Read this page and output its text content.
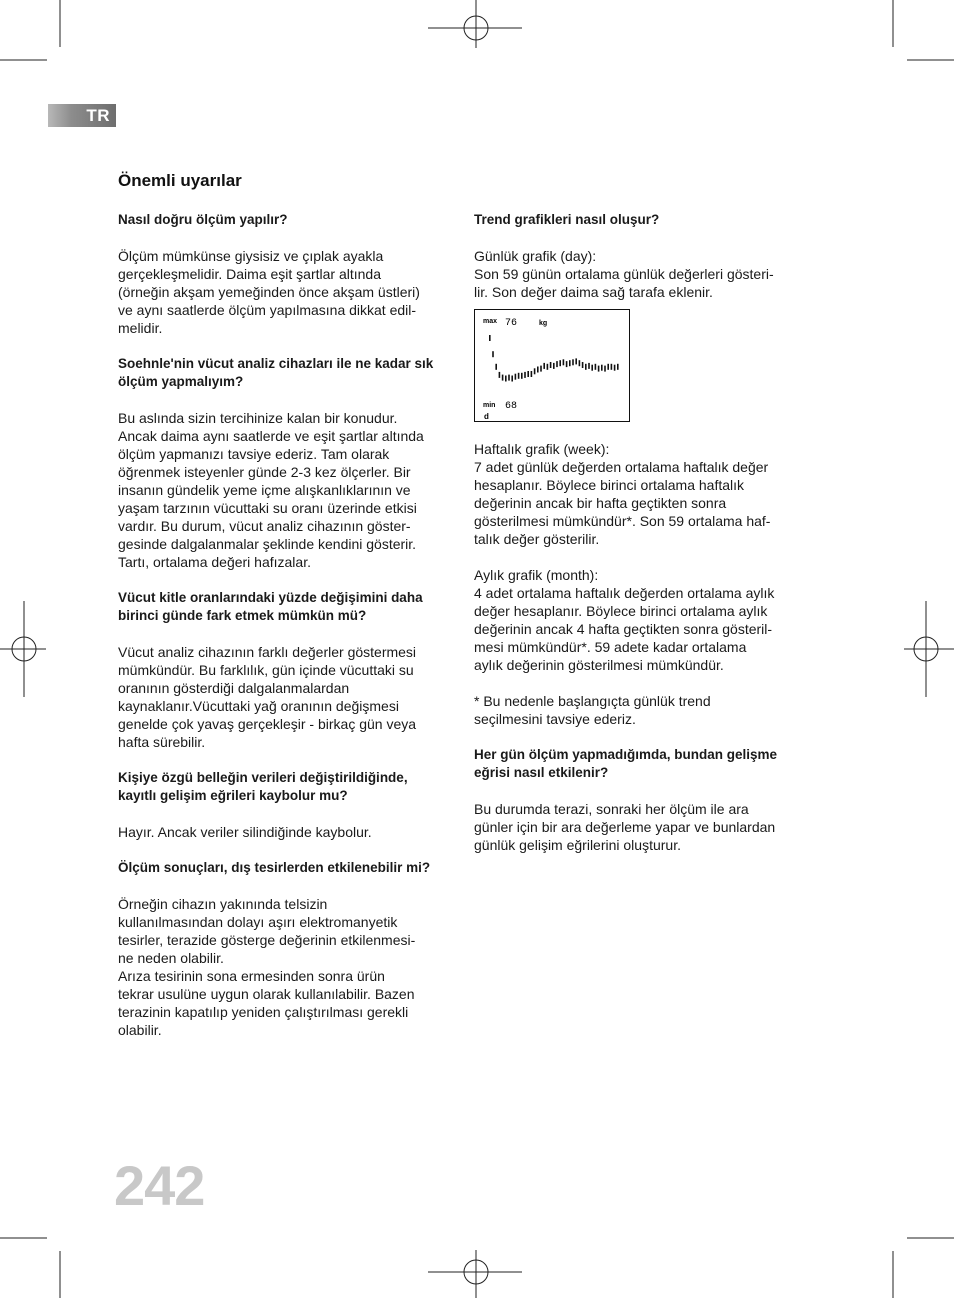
TR
Önemli uyarılar
Nasıl doğru ölçüm yapılır?
Ölçüm mümkünse giysisiz ve çıplak ayakla
gerçekleşmelidir. Daima eşit şartlar altında
(örneğin akşam yemeğinden önce akşam üstleri)
ve aynı saatlerde ölçüm yapılmasına dikkat edil-
melidir.
Soehnle'nin vücut analiz cihazları ile ne kadar sık ölçüm yapmalıyım?
Bu aslında sizin tercihinize kalan bir konudur.
Ancak daima aynı saatlerde ve eşit şartlar altında
ölçüm yapmanızı tavsiye ederiz. Tam olarak
öğrenmek isteyenler günde 2-3 kez ölçerler. Bir
insanın gündelik yeme içme alışkanlıklarının ve
yaşam tarzının vücuttaki su oranı üzerinde etkisi
vardır. Bu durum, vücut analiz cihazının göster-
gesinde dalgalanmalar şeklinde kendini gösterir.
Tartı, ortalama değeri hafızalar.
Vücut kitle oranlarındaki yüzde değişimini daha birinci günde fark etmek mümkün mü?
Vücut analiz cihazının farklı değerler göstermesi
mümkündür. Bu farklılık, gün içinde vücuttaki su
oranının gösterdiği dalgalanmalardan
kaynaklanır.Vücuttaki yağ oranının değişmesi
genelde çok yavaş gerçekleşir - birkaç gün veya
hafta sürebilir.
Kişiye özgü belleğin verileri değiştirildiğinde, kayıtlı gelişim eğrileri kaybolur mu?
Hayır. Ancak veriler silindiğinde kaybolur.
Ölçüm sonuçları, dış tesirlerden etkilenebilir mi?
Örneğin cihazın yakınında telsizin
kullanılmasından dolayı aşırı elektromanyetik
tesirler, terazide gösterge değerinin etkilenmesi-
ne neden olabilir.
Arıza tesirinin sona ermesinden sonra ürün
tekrar usulüne uygun olarak kullanılabilir. Bazen
terazinin kapatılıp yeniden çalıştırılması gerekli
olabilir.
Trend grafikleri nasıl oluşur?
Günlük grafik (day):
Son 59 günün ortalama günlük değerleri gösteri-
lir. Son değer daima sağ tarafa eklenir.
max 76	kg
min 68
d
Haftalık grafik (week):
7 adet günlük değerden ortalama haftalık değer
hesaplanır. Böylece birinci ortalama haftalık
değerinin ancak bir hafta geçtikten sonra
gösterilmesi mümkündür*. Son 59 ortalama haf-
talık değer gösterilir.
Aylık grafik (month):
4 adet ortalama haftalık değerden ortalama aylık
değer hesaplanır. Böylece birinci ortalama aylık
değerinin ancak 4 hafta geçtikten sonra gösteril-
mesi mümkündür*. 59 adete kadar ortalama
aylık değerinin gösterilmesi mümkündür.
* Bu nedenle başlangıçta günlük trend
seçilmesini tavsiye ederiz.
Her gün ölçüm yapmadığımda, bundan gelişme eğrisi nasıl etkilenir?
Bu durumda terazi, sonraki her ölçüm ile ara
günler için bir ara değerleme yapar ve bunlardan
günlük gelişim eğrilerini oluşturur.
242
